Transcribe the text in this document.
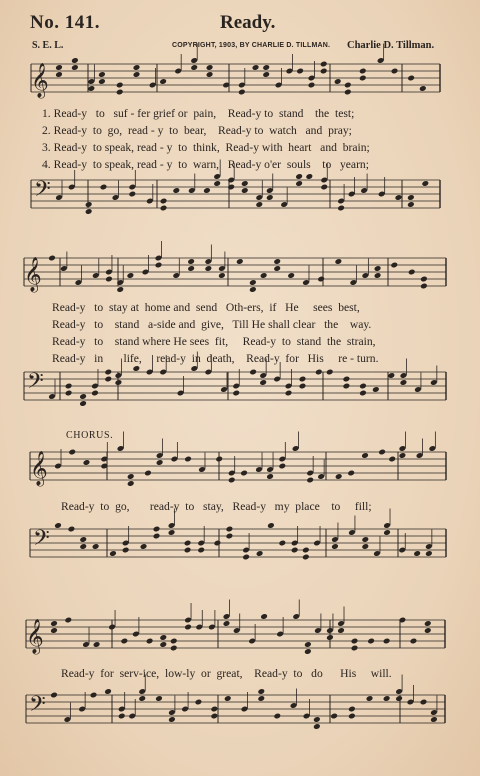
No. 141.	Ready.
S. E. L.	COPYRIGHT, 1903, BY CHARLIE D. TILLMAN. Charlie D. Tillman.
𝄞
𝄢
𝄞
𝄢
𝄞
𝄢
𝄞
𝄢
1. Read-y   to   suf - fer grief or  pain,    Read-y to  stand    the  test;
2. Read-y  to  go,  read - y  to  bear,    Read-y to  watch   and  pray;
3. Read-y  to speak, read - y  to  think,  Read-y with  heart   and  brain;
4. Read-y  to speak, read - y  to  warn,   Read-y o'er  souls    to   yearn;
Read-y   to  stay at  home and  send   Oth-ers,  if   He     sees  best,
Read-y   to    stand   a-side and  give,   Till He shall clear   the    way.
Read-y   to    stand where He sees  fit,     Read-y  to  stand  the  strain,
Read-y   in       life,     read-y  in  death,    Read-y  for   His     re - turn.
CHORUS.
Read-y  to  go,       read-y  to   stay,   Read-y   my  place    to     fill;
Read-y  for  serv-ice,  low-ly  or  great,    Read-y  to   do      His     will.
